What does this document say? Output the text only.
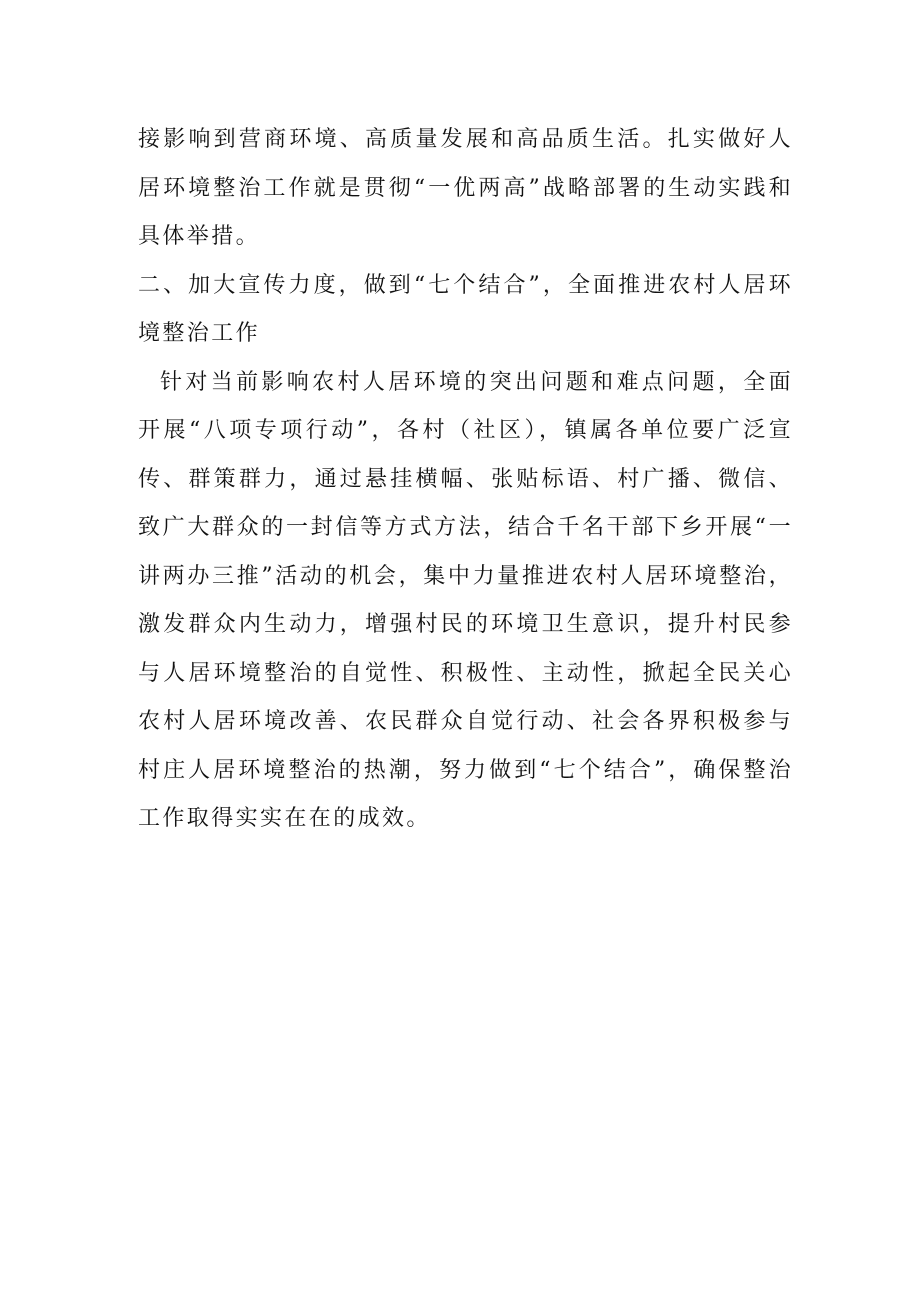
接影响到营商环境、高质量发展和高品质生活。扎实做好人居环境整治工作就是贯彻“一优两高”战略部署的生动实践和具体举措。

二、加大宣传力度，做到“七个结合”，全面推进农村人居环境整治工作

针对当前影响农村人居环境的突出问题和难点问题，全面开展“八项专项行动”，各村（社区），镇属各单位要广泛宣传、群策群力，通过悬挂横幅、张贴标语、村广播、微信、致广大群众的一封信等方式方法，结合千名干部下乡开展“一讲两办三推”活动的机会，集中力量推进农村人居环境整治，激发群众内生动力，增强村民的环境卫生意识，提升村民参与人居环境整治的自觉性、积极性、主动性，掀起全民关心农村人居环境改善、农民群众自觉行动、社会各界积极参与村庄人居环境整治的热潮，努力做到“七个结合”，确保整治工作取得实实在在的成效。
